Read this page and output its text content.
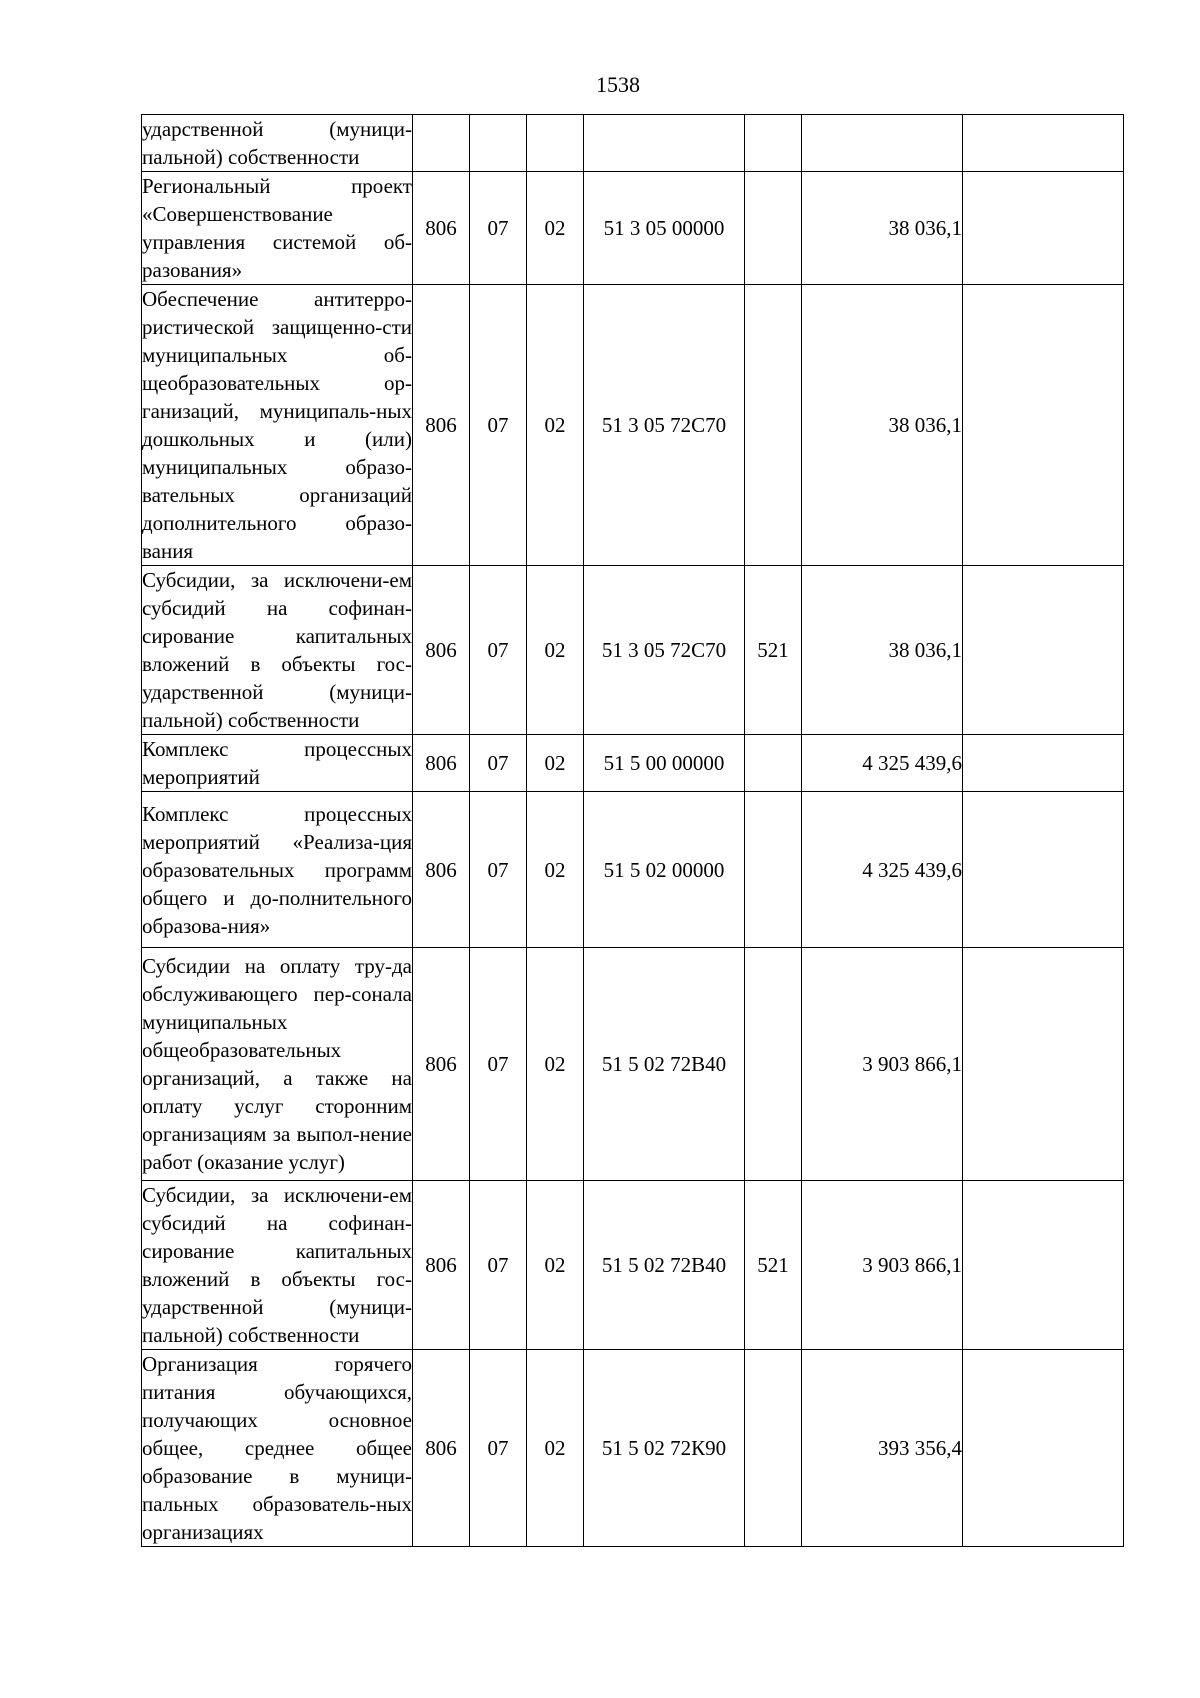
1538
ударственной (муници-пальной) собственности							
Региональный проект «Совершенствование управления системой об-разования»	806	07	02	51 3 05 00000		38 036,1	
Обеспечение антитерро-ристической защищенно-сти муниципальных об-щеобразовательных ор-ганизаций, муниципаль-ных дошкольных и (или) муниципальных образо-вательных организаций дополнительного образо-вания	806	07	02	51 3 05 72С70		38 036,1	
Субсидии, за исключени-ем субсидий на софинан-сирование капитальных вложений в объекты гос-ударственной (муници-пальной) собственности	806	07	02	51 3 05 72С70	521	38 036,1	
Комплекс процессных мероприятий	806	07	02	51 5 00 00000		4 325 439,6	
Комплекс процессных мероприятий «Реализа-ция образовательных программ общего и до-полнительного образова-ния»	806	07	02	51 5 02 00000		4 325 439,6	
Субсидии на оплату тру-да обслуживающего пер-сонала муниципальных общеобразовательных организаций, а также на оплату услуг сторонним организациям за выпол-нение работ (оказание услуг)	806	07	02	51 5 02 72В40		3 903 866,1	
Субсидии, за исключени-ем субсидий на софинан-сирование капитальных вложений в объекты гос-ударственной (муници-пальной) собственности	806	07	02	51 5 02 72В40	521	3 903 866,1	
Организация горячего питания обучающихся, получающих основное общее, среднее общее образование в муници-пальных образователь-ных организациях	806	07	02	51 5 02 72К90		393 356,4	
